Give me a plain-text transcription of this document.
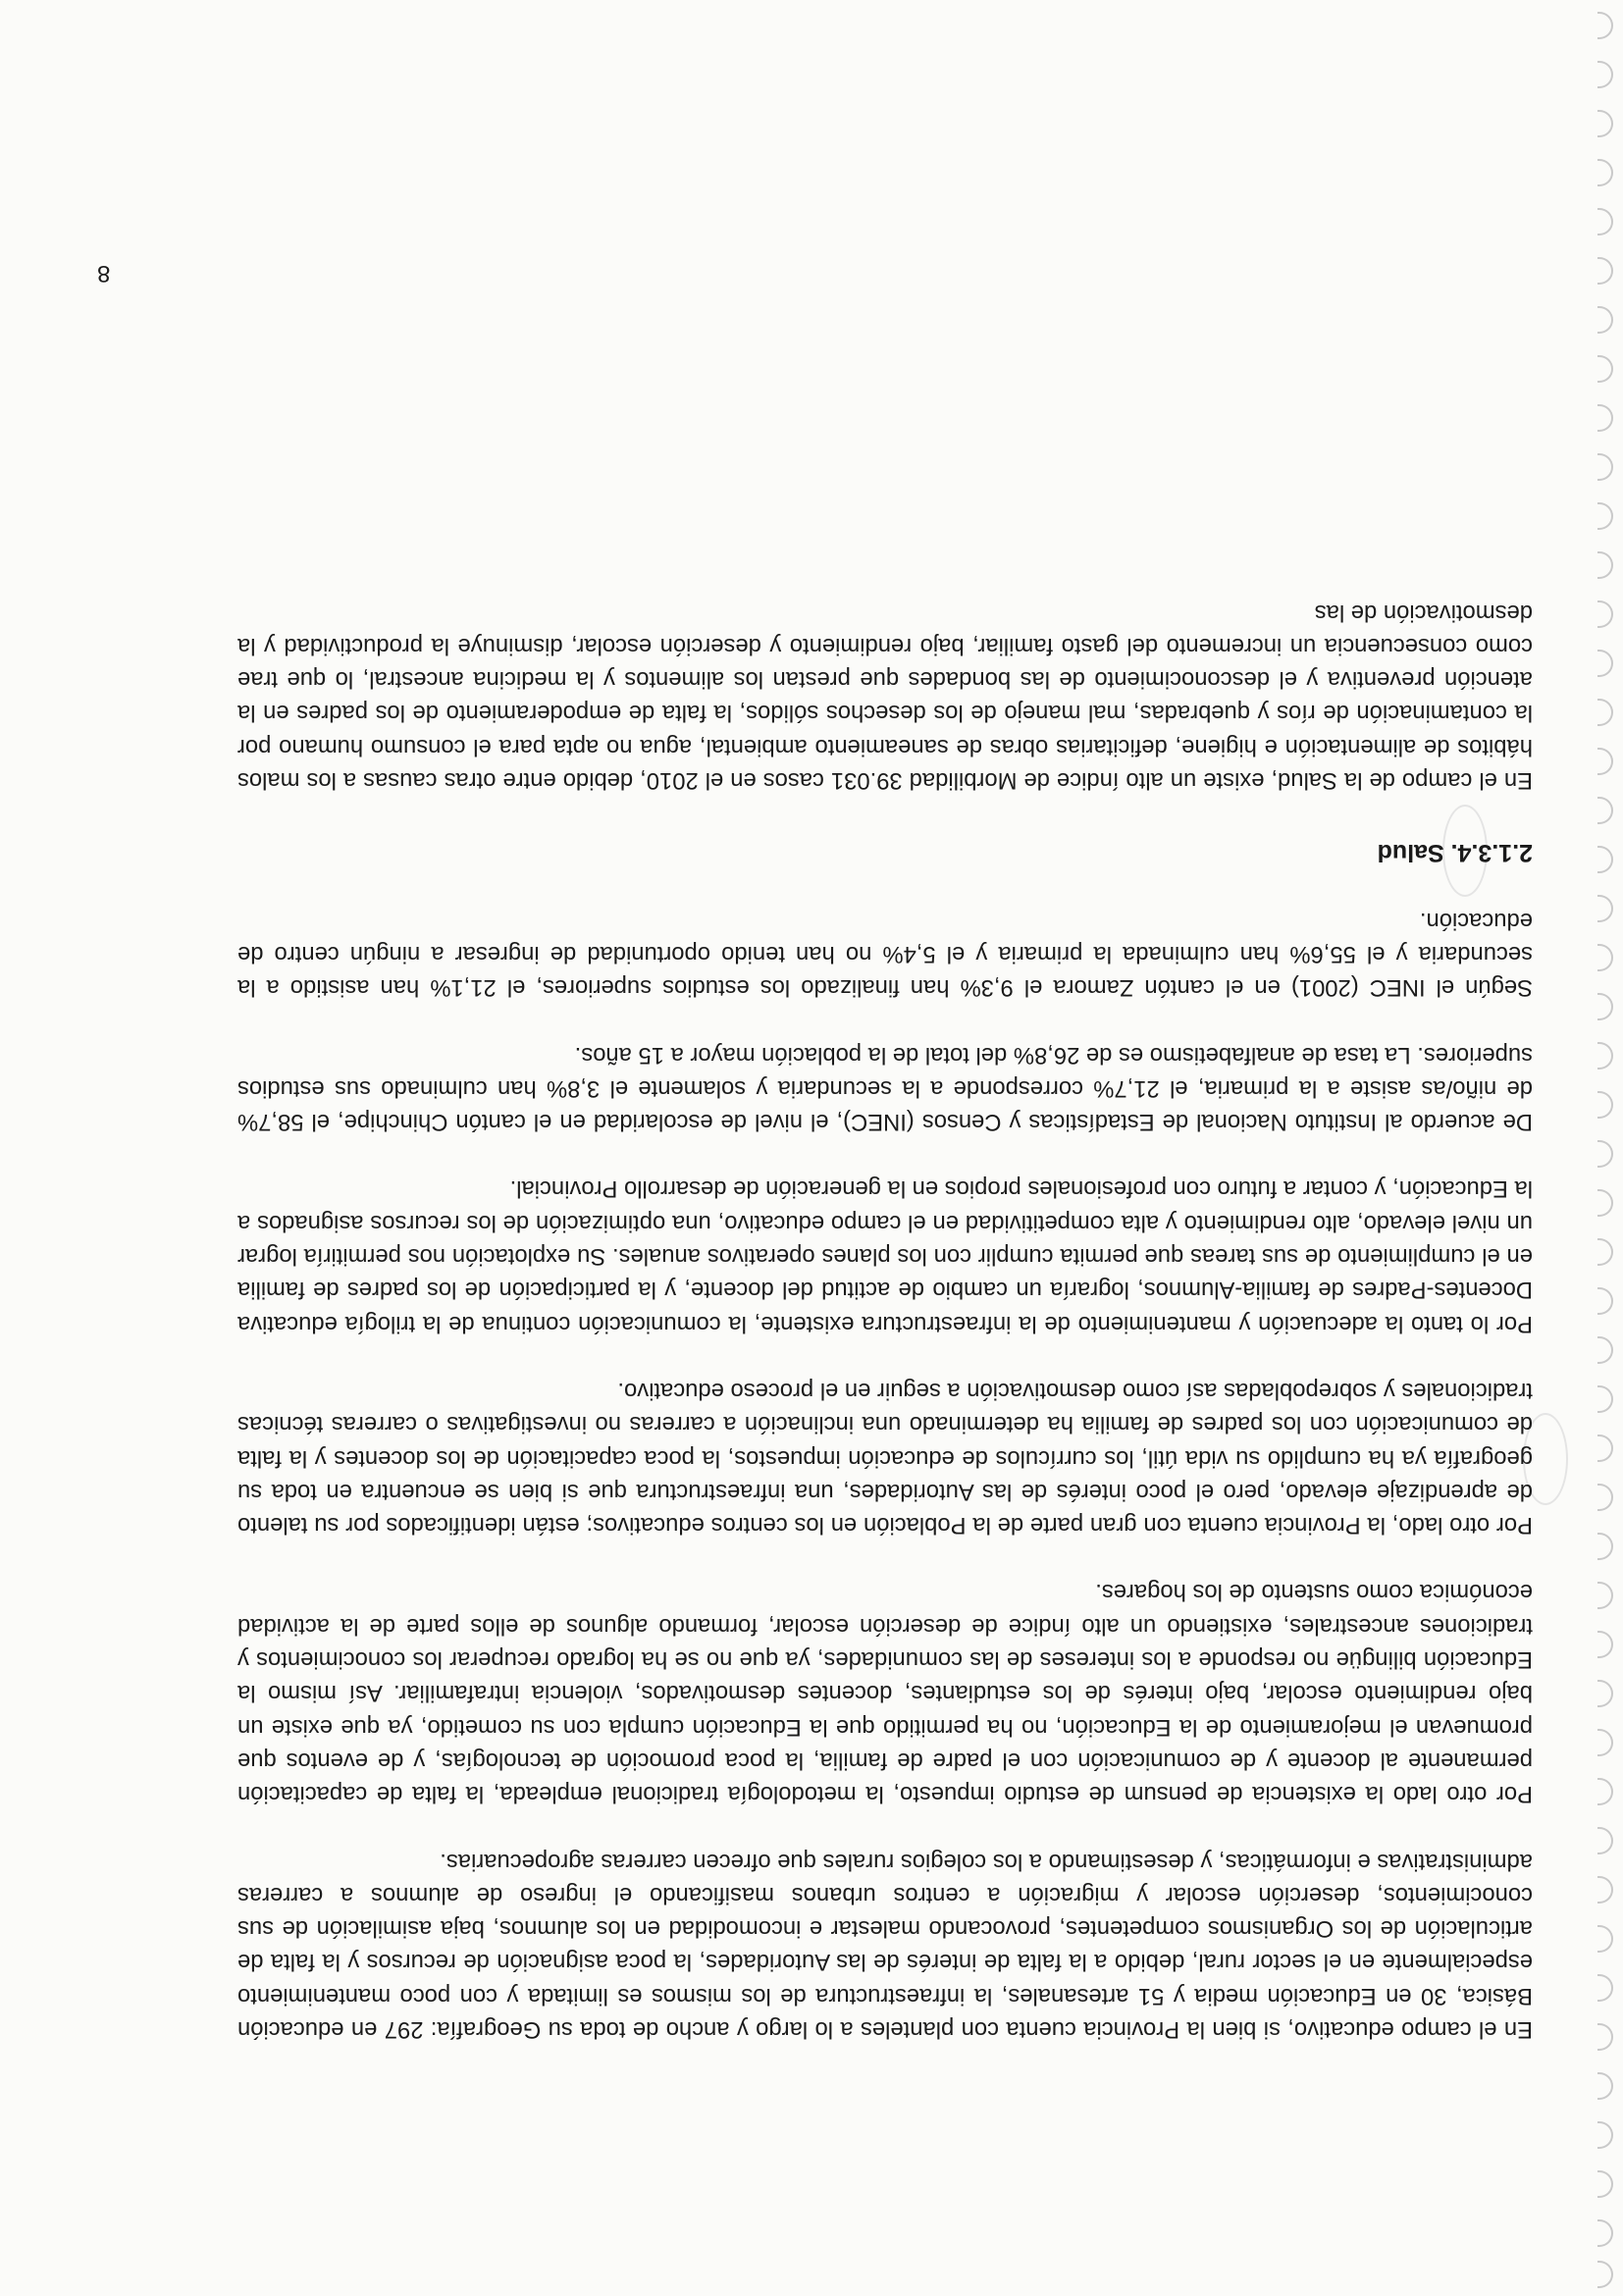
En el campo educativo, si bien la Provincia cuenta con planteles a lo largo y ancho de toda su Geografía: 297 en educación Básica, 30 en Educación media y 51 artesanales, la infraestructura de los mismos es limitada y con poco mantenimiento especialmente en el sector rural, debido a la falta de interés de las Autoridades, la poca asignación de recursos y la falta de articulación de los Organismos competentes, provocando malestar e incomodidad en los alumnos, baja asimilación de sus conocimientos, deserción escolar y migración a centros urbanos masificando el ingreso de alumnos a carreras administrativas e informáticas, y desestimando a los colegios rurales que ofrecen carreras agropecuarias.

Por otro lado la existencia de pensum de estudio impuesto, la metodología tradicional empleada, la falta de capacitación permanente al docente y de comunicación con el padre de familia, la poca promoción de tecnologías, y de eventos que promuevan el mejoramiento de la Educación, no ha permitido que la Educación cumpla con su cometido, ya que existe un bajo rendimiento escolar, bajo interés de los estudiantes, docentes desmotivados, violencia intrafamiliar. Así mismo la Educación bilingüe no responde a los intereses de las comunidades, ya que no se ha logrado recuperar los conocimientos y tradiciones ancestrales, existiendo un alto índice de deserción escolar, formando algunos de ellos parte de la actividad económica como sustento de los hogares.

Por otro lado, la Provincia cuenta con gran parte de la Población en los centros educativos; están identificados por su talento de aprendizaje elevado, pero el poco interés de las Autoridades, una infraestructura que si bien se encuentra en toda su geografía ya ha cumplido su vida útil, los currículos de educación impuestos, la poca capacitación de los docentes y la falta de comunicación con los padres de familia ha determinado una inclinación a carreras no investigativas o carreras técnicas tradicionales y sobrepobladas así como desmotivación a seguir en el proceso educativo.

Por lo tanto la adecuación y mantenimiento de la infraestructura existente, la comunicación continua de la trilogía educativa Docentes-Padres de familia-Alumnos, lograría un cambio de actitud del docente, y la participación de los padres de familia en el cumplimiento de sus tareas que permita cumplir con los planes operativos anuales. Su explotación nos permitiría lograr un nivel elevado, alto rendimiento y alta competitividad en el campo educativo, una optimización de los recursos asignados a la Educación, y contar a futuro con profesionales propios en la generación de desarrollo Provincial.

De acuerdo al Instituto Nacional de Estadísticas y Censos (INEC), el nivel de escolaridad en el cantón Chinchipe, el 58,7% de niño/as asiste a la primaria, el 21,7% corresponde a la secundaria y solamente el 3,8% han culminado sus estudios superiores. La tasa de analfabetismo es de 26,8% del total de la población mayor a 15 años.

Según el INEC (2001) en el cantón Zamora el 9,3% han finalizado los estudios superiores, el 21,1% han asistido a la secundaria y el 55,6% han culminada la primaria y el 5,4% no han tenido oportunidad de ingresar a ningún centro de educación.

2.1.3.4. Salud

En el campo de la Salud, existe un alto índice de Morbilidad 39.031 casos en el 2010, debido entre otras causas a los malos hábitos de alimentación e higiene, deficitarias obras de saneamiento ambiental, agua no apta para el consumo humano por la contaminación de ríos y quebradas, mal manejo de los desechos sólidos, la falta de empoderamiento de los padres en la atención preventiva y el desconocimiento de las bondades que prestan los alimentos y la medicina ancestral, lo que trae como consecuencia un incremento del gasto familiar, bajo rendimiento y deserción escolar, disminuye la productividad y la desmotivación de las

8
